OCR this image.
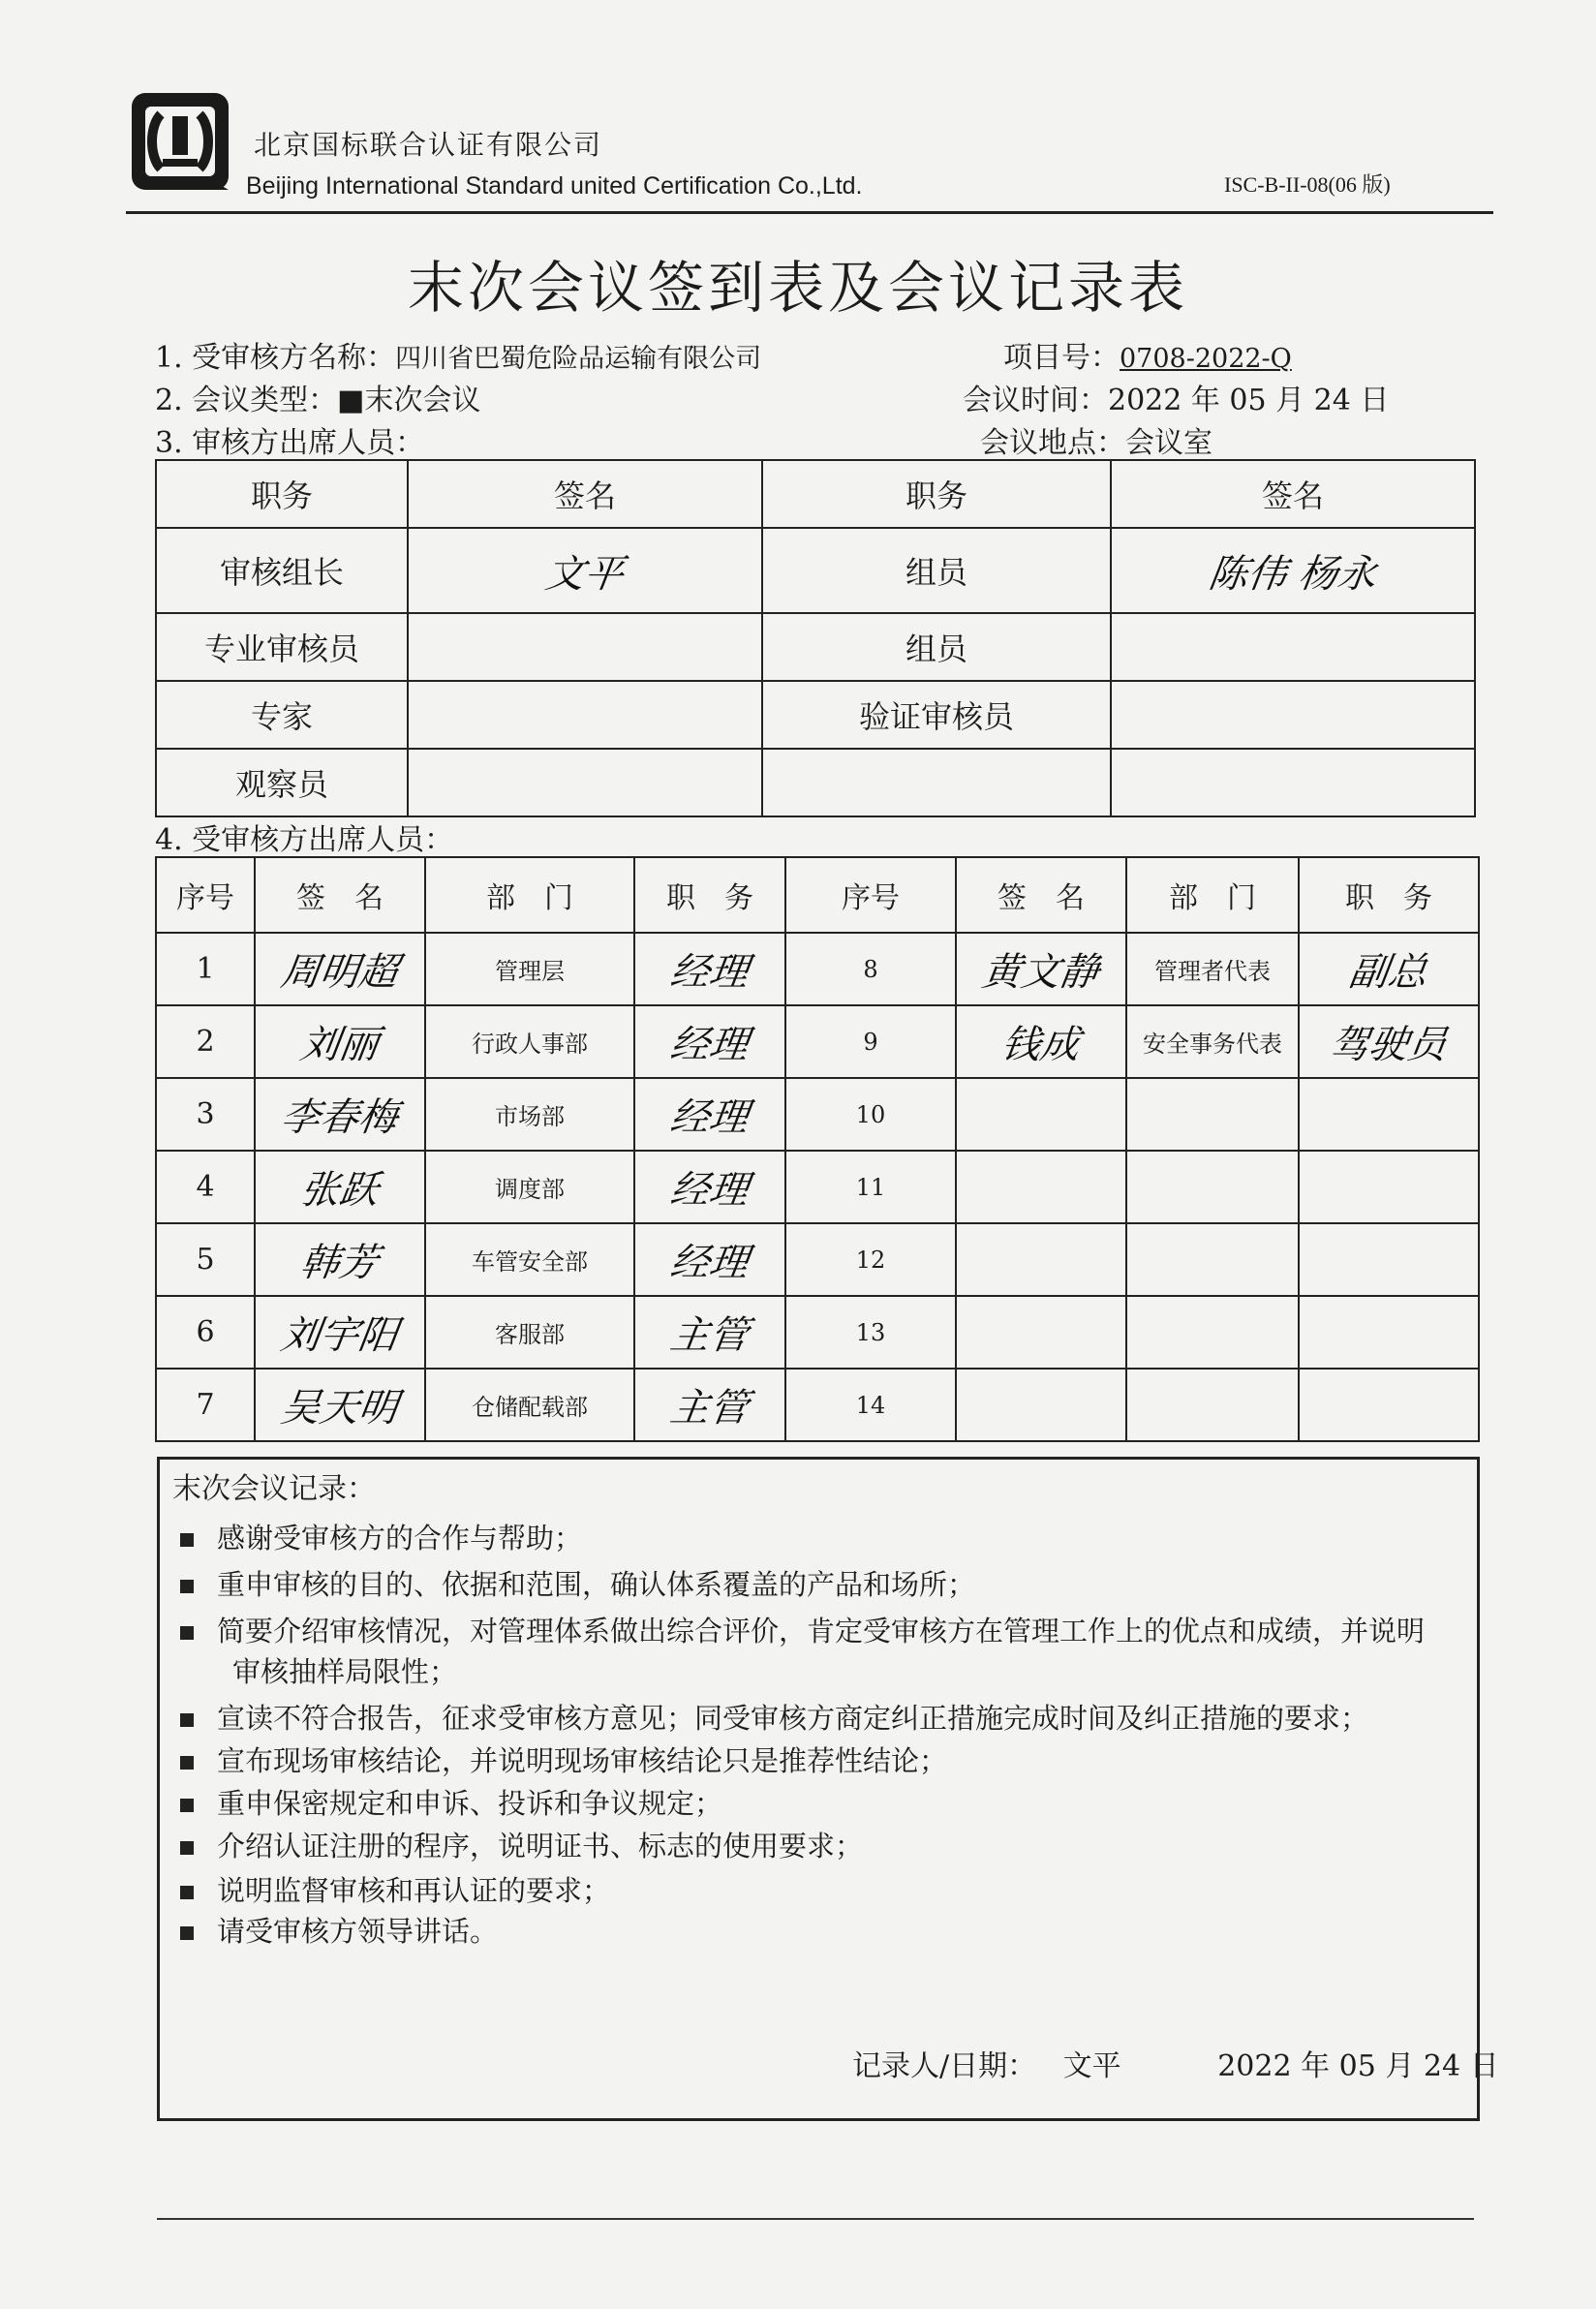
北京国标联合认证有限公司
Beijing International Standard united Certification Co.,Ltd.	ISC-B-II-08(06 版)
末次会议签到表及会议记录表
1. 受审核方名称：四川省巴蜀危险品运输有限公司	项目号：0708-2022-Q
2. 会议类型：■末次会议	会议时间：2022 年 05 月 24 日
3. 审核方出席人员：	会议地点：会议室
职务	签名	职务	签名
审核组长	文平	组员	陈伟 杨永
专业审核员		组员	
专家		验证审核员	
观察员			
4. 受审核方出席人员：
序号	签　名	部　门	职　务	序号	签　名	部　门	职　务
1	周明超	管理层	经理	8	黄文静	管理者代表	副总
2	刘丽	行政人事部	经理	9	钱成	安全事务代表	驾驶员
3	李春梅	市场部	经理	10			
4	张跃	调度部	经理	11			
5	韩芳	车管安全部	经理	12			
6	刘宇阳	客服部	主管	13			
7	吴天明	仓储配载部	主管	14			
末次会议记录：
感谢受审核方的合作与帮助；
重申审核的目的、依据和范围，确认体系覆盖的产品和场所；
简要介绍审核情况，对管理体系做出综合评价，肯定受审核方在管理工作上的优点和成绩，并说明
审核抽样局限性；
宣读不符合报告，征求受审核方意见；同受审核方商定纠正措施完成时间及纠正措施的要求；
宣布现场审核结论，并说明现场审核结论只是推荐性结论；
重申保密规定和申诉、投诉和争议规定；
介绍认证注册的程序，说明证书、标志的使用要求；
说明监督审核和再认证的要求；
请受审核方领导讲话。
记录人/日期： 文平	2022 年 05 月 24 日
